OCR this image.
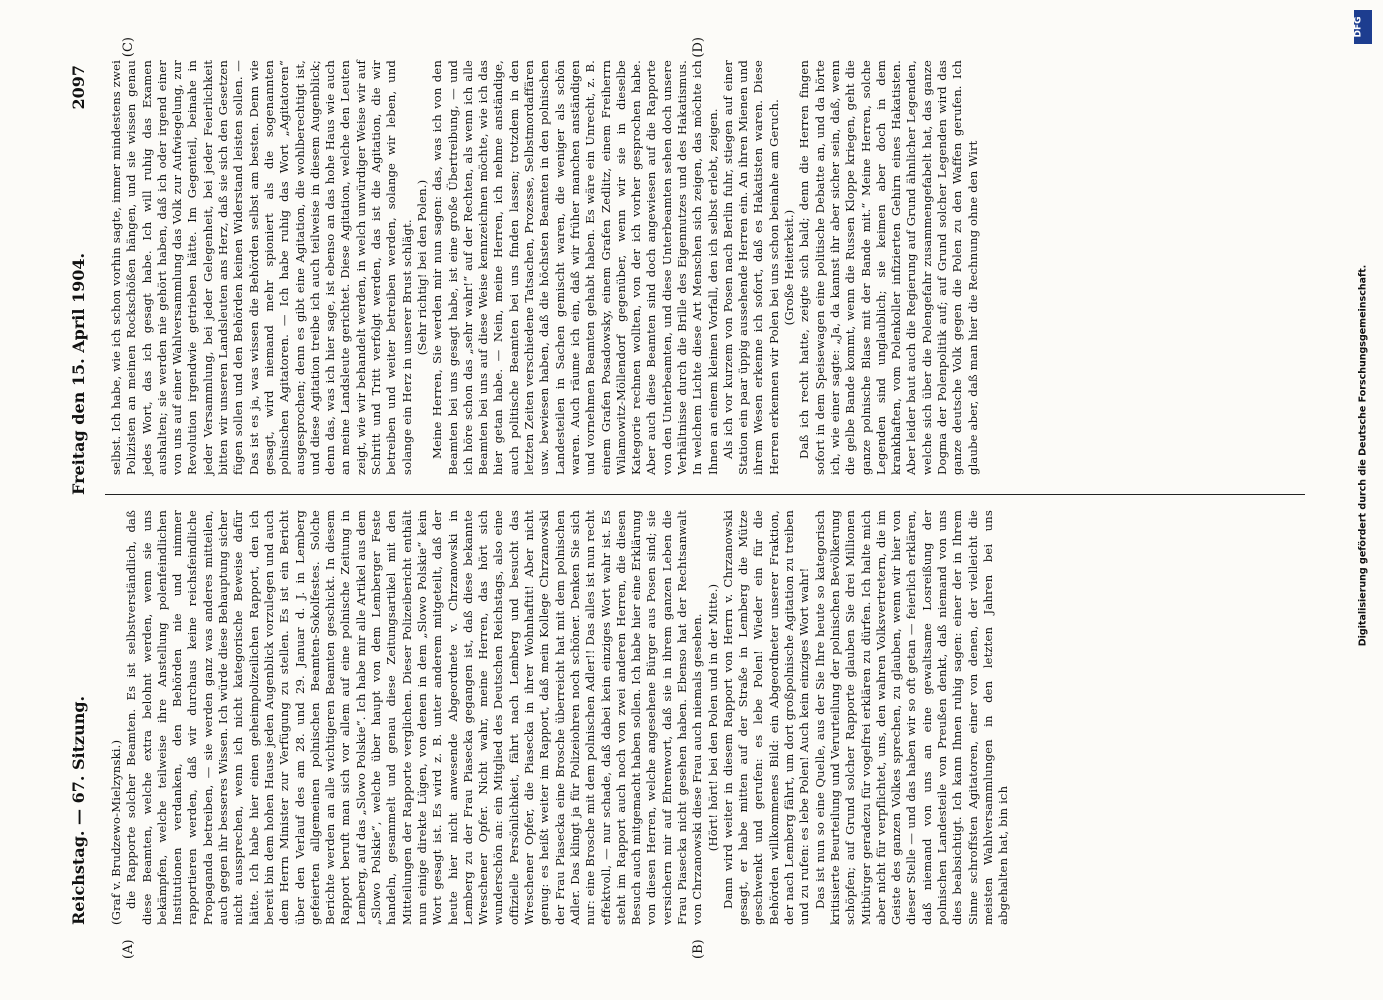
Reichstag. — 67. Sitzung.
Freitag den 15. April 1904.
2097
(A)	(B)
(C)	(D)

(Graf v. Brudzewo-Mielzynski.) die Rapporte solcher Beamten. Es ist selbstverständlich, daß diese Beamten, welche extra belohnt werden, wenn sie uns bekämpfen, welche teilweise ihre Anstellung polenfeindlichen Institutionen verdanken, den Behörden nie und nimmer rapportieren werden, daß wir durchaus keine reichsfeindliche Propaganda betreiben, — sie werden ganz was anderes mitteilen, auch gegen ihr besseres Wissen. Ich würde diese Behauptung sicher nicht aussprechen, wenn ich nicht kategorische Beweise dafür hätte. Ich habe hier einen geheimpolizeilichen Rapport, den ich bereit bin dem hohen Hause jeden Augenblick vorzulegen und auch dem Herrn Minister zur Verfügung zu stellen. Es ist ein Bericht über den Verlauf des am 28. und 29. Januar d. J. in Lemberg gefeierten allgemeinen polnischen Beamten-Sokolfestes. Solche Berichte werden an alle wichtigeren Beamten geschickt. In diesem Rapport beruft man sich vor allem auf eine polnische Zeitung in Lemberg, auf das „Slowo Polskie“. Ich habe mir alle Artikel aus dem „Slowo Polskie“, welche über haupt von dem Lemberger Feste handeln, gesammelt und genau diese Zeitungsartikel mit den Mitteilungen der Rapporte verglichen. Dieser Polizeibericht enthält nun einige direkte Lügen, von denen in dem „Slowo Polskie“ kein Wort gesagt ist. Es wird z. B. unter anderem mitgeteilt, daß der heute hier nicht anwesende Abgeordnete v. Chrzanowski in Lemberg zu der Frau Piasecka gegangen ist, daß diese bekannte Wreschener Opfer. Nicht wahr, meine Herren, das hört sich wunderschön an: ein Mitglied des Deutschen Reichstags, also eine offizielle Persönlichkeit, fährt nach Lemberg und besucht das Wreschener Opfer, die Piasecka in ihrer Wohnhaftit! Aber nicht genug: es heißt weiter im Rapport, daß mein Kollege Chrzanowski der Frau Piasecka eine Brosche überreicht hat mit dem polnischen Adler. Das klingt ja für Polizeiohren noch schöner. Denken Sie sich nur: eine Brosche mit dem polnischen Adler!! Das alles ist nun recht effektvoll, — nur schade, daß dabei kein einziges Wort wahr ist. Es steht im Rapport auch noch von zwei anderen Herren, die diesen Besuch auch mitgemacht haben sollen. Ich habe hier eine Erklärung von diesen Herren, welche angesehene Bürger aus Posen sind; sie versichern mir auf Ehrenwort, daß sie in ihrem ganzen Leben die Frau Piasecka nicht gesehen haben. Ebenso hat der Rechtsanwalt von Chrzanowski diese Frau auch niemals gesehen. (Hört! hört! bei den Polen und in der Mitte.) Dann wird weiter in diesem Rapport von Herrn v. Chrzanowski gesagt, er habe mitten auf der Straße in Lemberg die Mütze geschwenkt und gerufen: es lebe Polen! Wieder ein für die Behörden willkommenes Bild: ein Abgeordneter unserer Fraktion, der nach Lemberg fährt, um dort großpolnische Agitation zu treiben und zu rufen: es lebe Polen! Auch kein einziges Wort wahr! Das ist nun so eine Quelle, aus der Sie Ihre heute so kategorisch kritisierte Beurteilung und Verurteilung der polnischen Bevölkerung schöpfen; auf Grund solcher Rapporte glauben Sie drei Millionen Mitbürger geradezu für vogelfrei erklären zu dürfen. Ich halte mich aber nicht für verpflichtet, uns, den wahren Volksvertretern, die im Geiste des ganzen Volkes sprechen, zu glauben, wenn wir hier von dieser Stelle — und das haben wir so oft getan — feierlich erklären, daß niemand von uns an eine gewaltsame Losreißung der polnischen Landesteile von Preußen denkt, daß niemand von uns dies beabsichtigt. Ich kann Ihnen ruhig sagen: einer der in Ihrem Sinne schroffsten Agitatoren, einer von denen, der vielleicht die meisten Wahlversammlungen in den letzten Jahren bei uns abgehalten hat, bin ich

selbst. Ich habe, wie ich schon vorhin sagte, immer mindestens zwei Polizisten an meinen Rockschößen hängen, und sie wissen genau jedes Wort, das ich gesagt habe. Ich will ruhig das Examen aushalten; sie werden nie gehört haben, daß ich oder irgend einer von uns auf einer Wahlversammlung das Volk zur Aufwiegelung, zur Revolution irgendwie getrieben hätte. Im Gegenteil, beinahe in jeder Versammlung, bei jeder Gelegenheit, bei jeder Feierlichkeit bitten wir unseren Landsleuten ans Herz, daß sie sich den Gesetzen fügen sollen und den Behörden keinen Widerstand leisten sollen. — Das ist es ja, was wissen die Behörden selbst am besten. Denn wie gesagt, wird niemand mehr spioniert als die sogenannten polnischen Agitatoren. — Ich habe ruhig das Wort „Agitatoren“ ausgesprochen; denn es gibt eine Agitation, die wohlberechtigt ist, und diese Agitation treibe ich auch teilweise in diesem Augenblick; denn das, was ich hier sage, ist ebenso an das hohe Haus wie auch an meine Landsleute gerichtet. Diese Agitation, welche den Leuten zeigt, wie wir behandelt werden, in welch unwürdiger Weise wir auf Schritt und Tritt verfolgt werden, das ist die Agitation, die wir betreiben und weiter betreiben werden, solange wir leben, und solange ein Herz in unserer Brust schlägt. (Sehr richtig! bei den Polen.) Meine Herren, Sie werden mir nun sagen: das, was ich von den Beamten bei uns gesagt habe, ist eine große Übertreibung, — und ich höre schon das „sehr wahr!“ auf der Rechten, als wenn ich alle Beamten bei uns auf diese Weise kennzeichnen möchte, wie ich das hier getan habe. — Nein, meine Herren, ich nehme anständige, auch politische Beamten bei uns finden lassen; trotzdem in den letzten Zeiten verschiedene Tatsachen, Prozesse, Selbstmordaffären usw. bewiesen haben, daß die höchsten Beamten in den polnischen Landesteilen in Sachen gemischt waren, die weniger als schön waren. Auch räume ich ein, daß wir früher manchen anständigen und vornehmen Beamten gehabt haben. Es wäre ein Unrecht, z. B. einem Grafen Posadowsky, einem Grafen Zedlitz, einem Freiherrn Wilamowitz-Möllendorf gegenüber, wenn wir sie in dieselbe Kategorie rechnen wollten, von der ich vorher gesprochen habe. Aber auch diese Beamten sind doch angewiesen auf die Rapporte von den Unterbeamten, und diese Unterbeamten sehen doch unsere Verhältnisse durch die Brille des Eigennutzes und des Hakatismus. In welchem Lichte diese Art Menschen sich zeigen, das möchte ich Ihnen an einem kleinen Vorfall, den ich selbst erlebt, zeigen. Als ich vor kurzem von Posen nach Berlin fuhr, stiegen auf einer Station ein paar üppig aussehende Herren ein. An ihren Mienen und ihrem Wesen erkenne ich sofort, daß es Hakatisten waren. Diese Herren erkennen wir Polen bei uns schon beinahe am Geruch. (Große Heiterkeit.) Daß ich recht hatte, zeigte sich bald; denn die Herren fingen sofort in dem Speisewagen eine politische Debatte an, und da hörte ich, wie einer sagte: „Ja, da kannst ihr aber sicher sein, daß, wenn die gelbe Bande kommt, wenn die Russen Kloppe kriegen, geht die ganze polnische Blase mit der Bande mit.“ Meine Herren, solche Legenden sind unglaublich; sie keimen aber doch in dem krankhaften, vom Polenkoller infizierten Gehirn eines Hakatisten. Aber leider baut auch die Regierung auf Grund ähnlicher Legenden, welche sich über die Polengefahr zusammengefabelt hat, das ganze Dogma der Polenpolitik auf; auf Grund solcher Legenden wird das ganze deutsche Volk gegen die Polen zu den Waffen gerufen. Ich glaube aber, daß man hier die Rechnung ohne den Wirt

DFG
Digitalisierung gefördert durch die Deutsche Forschungsgemeinschaft.
